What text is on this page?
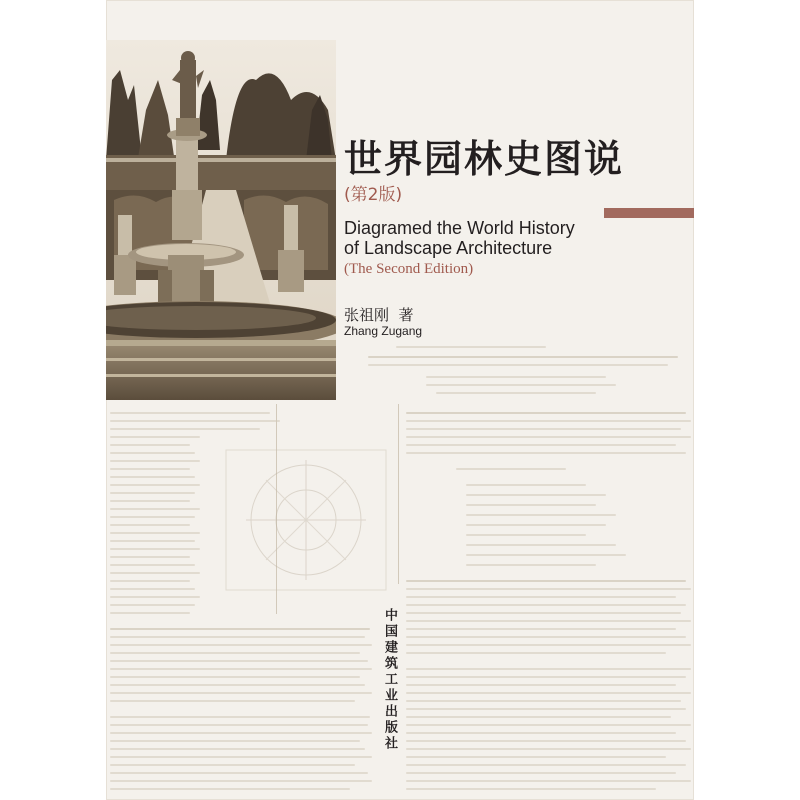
世界园林史图说
(第2版)
Diagramed the World History of Landscape Architecture
(The Second Edition)
张祖刚  著
Zhang Zugang
中国建筑工业出版社
